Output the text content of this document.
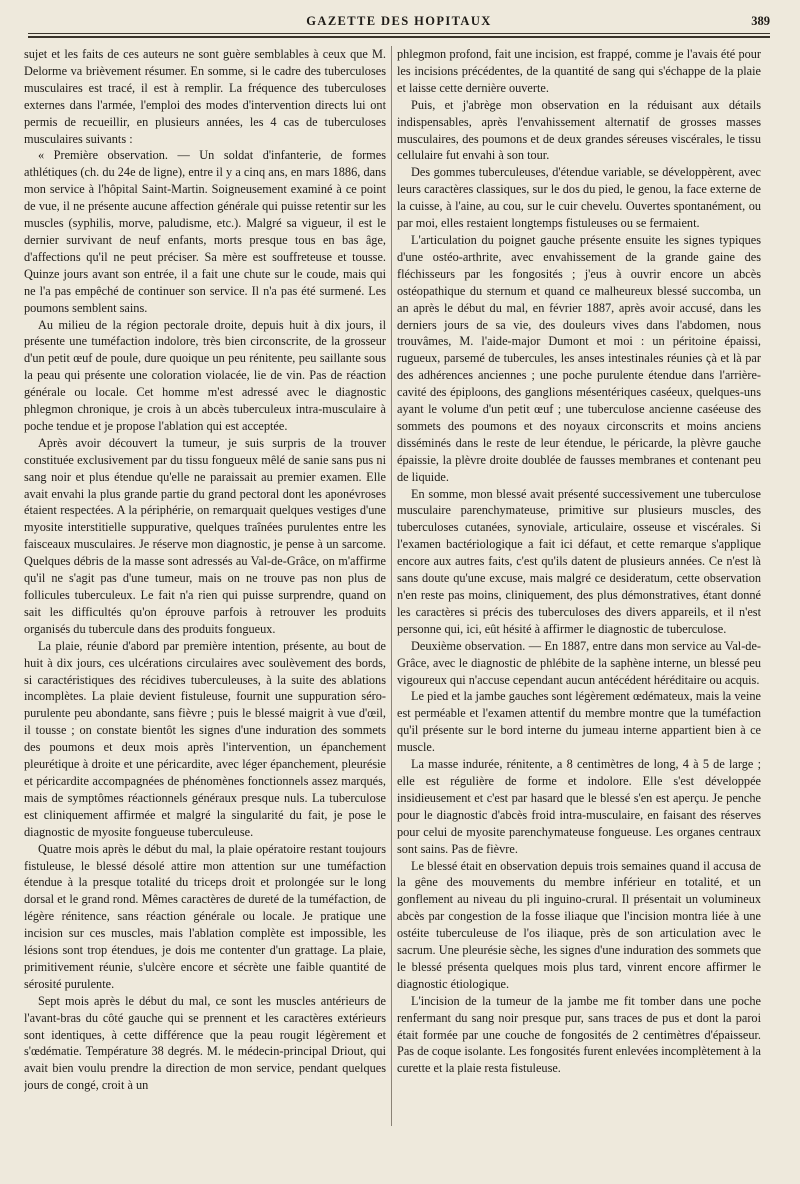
GAZETTE DES HOPITAUX	389

sujet et les faits de ces auteurs ne sont guère semblables à ceux que M. Delorme va brièvement résumer. En somme, si le cadre des tuberculoses musculaires est tracé, il est à remplir. La fréquence des tuberculoses externes dans l'armée, l'emploi des modes d'intervention directs lui ont permis de recueillir, en plusieurs années, les 4 cas de tuberculoses musculaires suivants :

« Première observation. — Un soldat d'infanterie, de formes athlétiques (ch. du 24e de ligne), entre il y a cinq ans, en mars 1886, dans mon service à l'hôpital Saint-Martin. Soigneusement examiné à ce point de vue, il ne présente aucune affection générale qui puisse retentir sur les muscles (syphilis, morve, paludisme, etc.). Malgré sa vigueur, il est le dernier survivant de neuf enfants, morts presque tous en bas âge, d'affections qu'il ne peut préciser. Sa mère est souffreteuse et tousse. Quinze jours avant son entrée, il a fait une chute sur le coude, mais qui ne l'a pas empêché de continuer son service. Il n'a pas été surmené. Les poumons semblent sains.

Au milieu de la région pectorale droite, depuis huit à dix jours, il présente une tuméfaction indolore, très bien circonscrite, de la grosseur d'un petit œuf de poule, dure quoique un peu rénitente, peu saillante sous la peau qui présente une coloration violacée, lie de vin. Pas de réaction générale ou locale. Cet homme m'est adressé avec le diagnostic phlegmon chronique, je crois à un abcès tuberculeux intra-musculaire à poche tendue et je propose l'ablation qui est acceptée.

Après avoir découvert la tumeur, je suis surpris de la trouver constituée exclusivement par du tissu fongueux mêlé de sanie sans pus ni sang noir et plus étendue qu'elle ne paraissait au premier examen. Elle avait envahi la plus grande partie du grand pectoral dont les aponévroses étaient respectées. A la périphérie, on remarquait quelques vestiges d'une myosite interstitielle suppurative, quelques traînées purulentes entre les faisceaux musculaires. Je réserve mon diagnostic, je pense à un sarcome. Quelques débris de la masse sont adressés au Val-de-Grâce, on m'affirme qu'il ne s'agit pas d'une tumeur, mais on ne trouve pas non plus de follicules tuberculeux. Le fait n'a rien qui puisse surprendre, quand on sait les difficultés qu'on éprouve parfois à retrouver les produits organisés du tubercule dans des produits fongueux.

La plaie, réunie d'abord par première intention, présente, au bout de huit à dix jours, ces ulcérations circulaires avec soulèvement des bords, si caractéristiques des récidives tuberculeuses, à la suite des ablations incomplètes. La plaie devient fistuleuse, fournit une suppuration séro-purulente peu abondante, sans fièvre ; puis le blessé maigrit à vue d'œil, il tousse ; on constate bientôt les signes d'une induration des sommets des poumons et deux mois après l'intervention, un épanchement pleurétique à droite et une péricardite, avec léger épanchement, pleurésie et péricardite accompagnées de phénomènes fonctionnels assez marqués, mais de symptômes réactionnels généraux presque nuls. La tuberculose est cliniquement affirmée et malgré la singularité du fait, je pose le diagnostic de myosite fongueuse tuberculeuse.

Quatre mois après le début du mal, la plaie opératoire restant toujours fistuleuse, le blessé désolé attire mon attention sur une tuméfaction étendue à la presque totalité du triceps droit et prolongée sur le long dorsal et le grand rond. Mêmes caractères de dureté de la tuméfaction, de légère rénitence, sans réaction générale ou locale. Je pratique une incision sur ces muscles, mais l'ablation complète est impossible, les lésions sont trop étendues, je dois me contenter d'un grattage. La plaie, primitivement réunie, s'ulcère encore et sécrète une faible quantité de sérosité purulente.

Sept mois après le début du mal, ce sont les muscles antérieurs de l'avant-bras du côté gauche qui se prennent et les caractères extérieurs sont identiques, à cette différence que la peau rougit légèrement et s'œdématie. Température 38 degrés. M. le médecin-principal Driout, qui avait bien voulu prendre la direction de mon service, pendant quelques jours de congé, croit à un

phlegmon profond, fait une incision, est frappé, comme je l'avais été pour les incisions précédentes, de la quantité de sang qui s'échappe de la plaie et laisse cette dernière ouverte.

Puis, et j'abrège mon observation en la réduisant aux détails indispensables, après l'envahissement alternatif de grosses masses musculaires, des poumons et de deux grandes séreuses viscérales, le tissu cellulaire fut envahi à son tour.

Des gommes tuberculeuses, d'étendue variable, se développèrent, avec leurs caractères classiques, sur le dos du pied, le genou, la face externe de la cuisse, à l'aine, au cou, sur le cuir chevelu. Ouvertes spontanément, ou par moi, elles restaient longtemps fistuleuses ou se fermaient.

L'articulation du poignet gauche présente ensuite les signes typiques d'une ostéo-arthrite, avec envahissement de la grande gaine des fléchisseurs par les fongosités ; j'eus à ouvrir encore un abcès ostéopathique du sternum et quand ce malheureux blessé succomba, un an après le début du mal, en février 1887, après avoir accusé, dans les derniers jours de sa vie, des douleurs vives dans l'abdomen, nous trouvâmes, M. l'aide-major Dumont et moi : un péritoine épaissi, rugueux, parsemé de tubercules, les anses intestinales réunies çà et là par des adhérences anciennes ; une poche purulente étendue dans l'arrière-cavité des épiploons, des ganglions mésentériques caséeux, quelques-uns ayant le volume d'un petit œuf ; une tuberculose ancienne caséeuse des sommets des poumons et des noyaux circonscrits et moins anciens disséminés dans le reste de leur étendue, le péricarde, la plèvre gauche épaissie, la plèvre droite doublée de fausses membranes et contenant peu de liquide.

En somme, mon blessé avait présenté successivement une tuberculose musculaire parenchymateuse, primitive sur plusieurs muscles, des tuberculoses cutanées, synoviale, articulaire, osseuse et viscérales. Si l'examen bactériologique a fait ici défaut, et cette remarque s'applique encore aux autres faits, c'est qu'ils datent de plusieurs années. Ce n'est là sans doute qu'une excuse, mais malgré ce desideratum, cette observation n'en reste pas moins, cliniquement, des plus démonstratives, étant donné les caractères si précis des tuberculoses des divers appareils, et il n'est personne qui, ici, eût hésité à affirmer le diagnostic de tuberculose.

Deuxième observation. — En 1887, entre dans mon service au Val-de-Grâce, avec le diagnostic de phlébite de la saphène interne, un blessé peu vigoureux qui n'accuse cependant aucun antécédent héréditaire ou acquis.

Le pied et la jambe gauches sont légèrement œdémateux, mais la veine est perméable et l'examen attentif du membre montre que la tuméfaction qu'il présente sur le bord interne du jumeau interne appartient bien à ce muscle.

La masse indurée, rénitente, a 8 centimètres de long, 4 à 5 de large ; elle est régulière de forme et indolore. Elle s'est développée insidieusement et c'est par hasard que le blessé s'en est aperçu. Je penche pour le diagnostic d'abcès froid intra-musculaire, en faisant des réserves pour celui de myosite parenchymateuse fongueuse. Les organes centraux sont sains. Pas de fièvre.

Le blessé était en observation depuis trois semaines quand il accusa de la gêne des mouvements du membre inférieur en totalité, et un gonflement au niveau du pli inguino-crural. Il présentait un volumineux abcès par congestion de la fosse iliaque que l'incision montra liée à une ostéite tuberculeuse de l'os iliaque, près de son articulation avec le sacrum. Une pleurésie sèche, les signes d'une induration des sommets que le blessé présenta quelques mois plus tard, vinrent encore affirmer le diagnostic étiologique.

L'incision de la tumeur de la jambe me fit tomber dans une poche renfermant du sang noir presque pur, sans traces de pus et dont la paroi était formée par une couche de fongosités de 2 centimètres d'épaisseur. Pas de coque isolante. Les fongosités furent enlevées incomplètement à la curette et la plaie resta fistuleuse.
